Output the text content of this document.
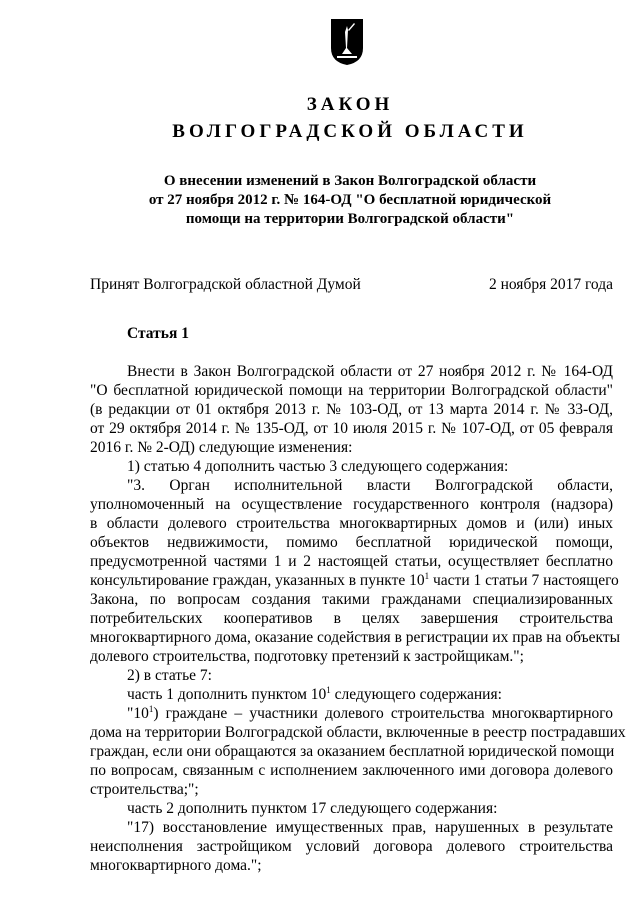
ЗАКОН
ВОЛГОГРАДСКОЙ ОБЛАСТИ
О внесении изменений в Закон Волгоградской области
от 27 ноября 2012 г. № 164-ОД "О бесплатной юридической
помощи на территории Волгоградской области"
Принят Волгоградской областной Думой	2 ноября 2017 года
Статья 1
Внести в Закон Волгоградской области от 27 ноября 2012 г. № 164-ОД
"О бесплатной юридической помощи на территории Волгоградской области"
(в редакции от 01 октября 2013 г. № 103-ОД, от 13 марта 2014 г. № 33-ОД,
от 29 октября 2014 г. № 135-ОД, от 10 июля 2015 г. № 107-ОД, от 05 февраля
2016 г. № 2-ОД) следующие изменения:
1) статью 4 дополнить частью 3 следующего содержания:
"3. Орган исполнительной власти Волгоградской области,
уполномоченный на осуществление государственного контроля (надзора)
в области долевого строительства многоквартирных домов и (или) иных
объектов недвижимости, помимо бесплатной юридической помощи,
предусмотренной частями 1 и 2 настоящей статьи, осуществляет бесплатно
консультирование граждан, указанных в пункте $10^1$ части 1 статьи 7 настоящего
Закона, по вопросам создания такими гражданами специализированных
потребительских кооперативов в целях завершения строительства
многоквартирного дома, оказание содействия в регистрации их прав на объекты
долевого строительства, подготовку претензий к застройщикам.";
2) в статье 7:
часть 1 дополнить пунктом $10^1$ следующего содержания:
"$10^1$) граждане – участники долевого строительства многоквартирного
дома на территории Волгоградской области, включенные в реестр пострадавших
граждан, если они обращаются за оказанием бесплатной юридической помощи
по вопросам, связанным с исполнением заключенного ими договора долевого
строительства;";
часть 2 дополнить пунктом 17 следующего содержания:
"17) восстановление имущественных прав, нарушенных в результате
неисполнения застройщиком условий договора долевого строительства
многоквартирного дома.";
